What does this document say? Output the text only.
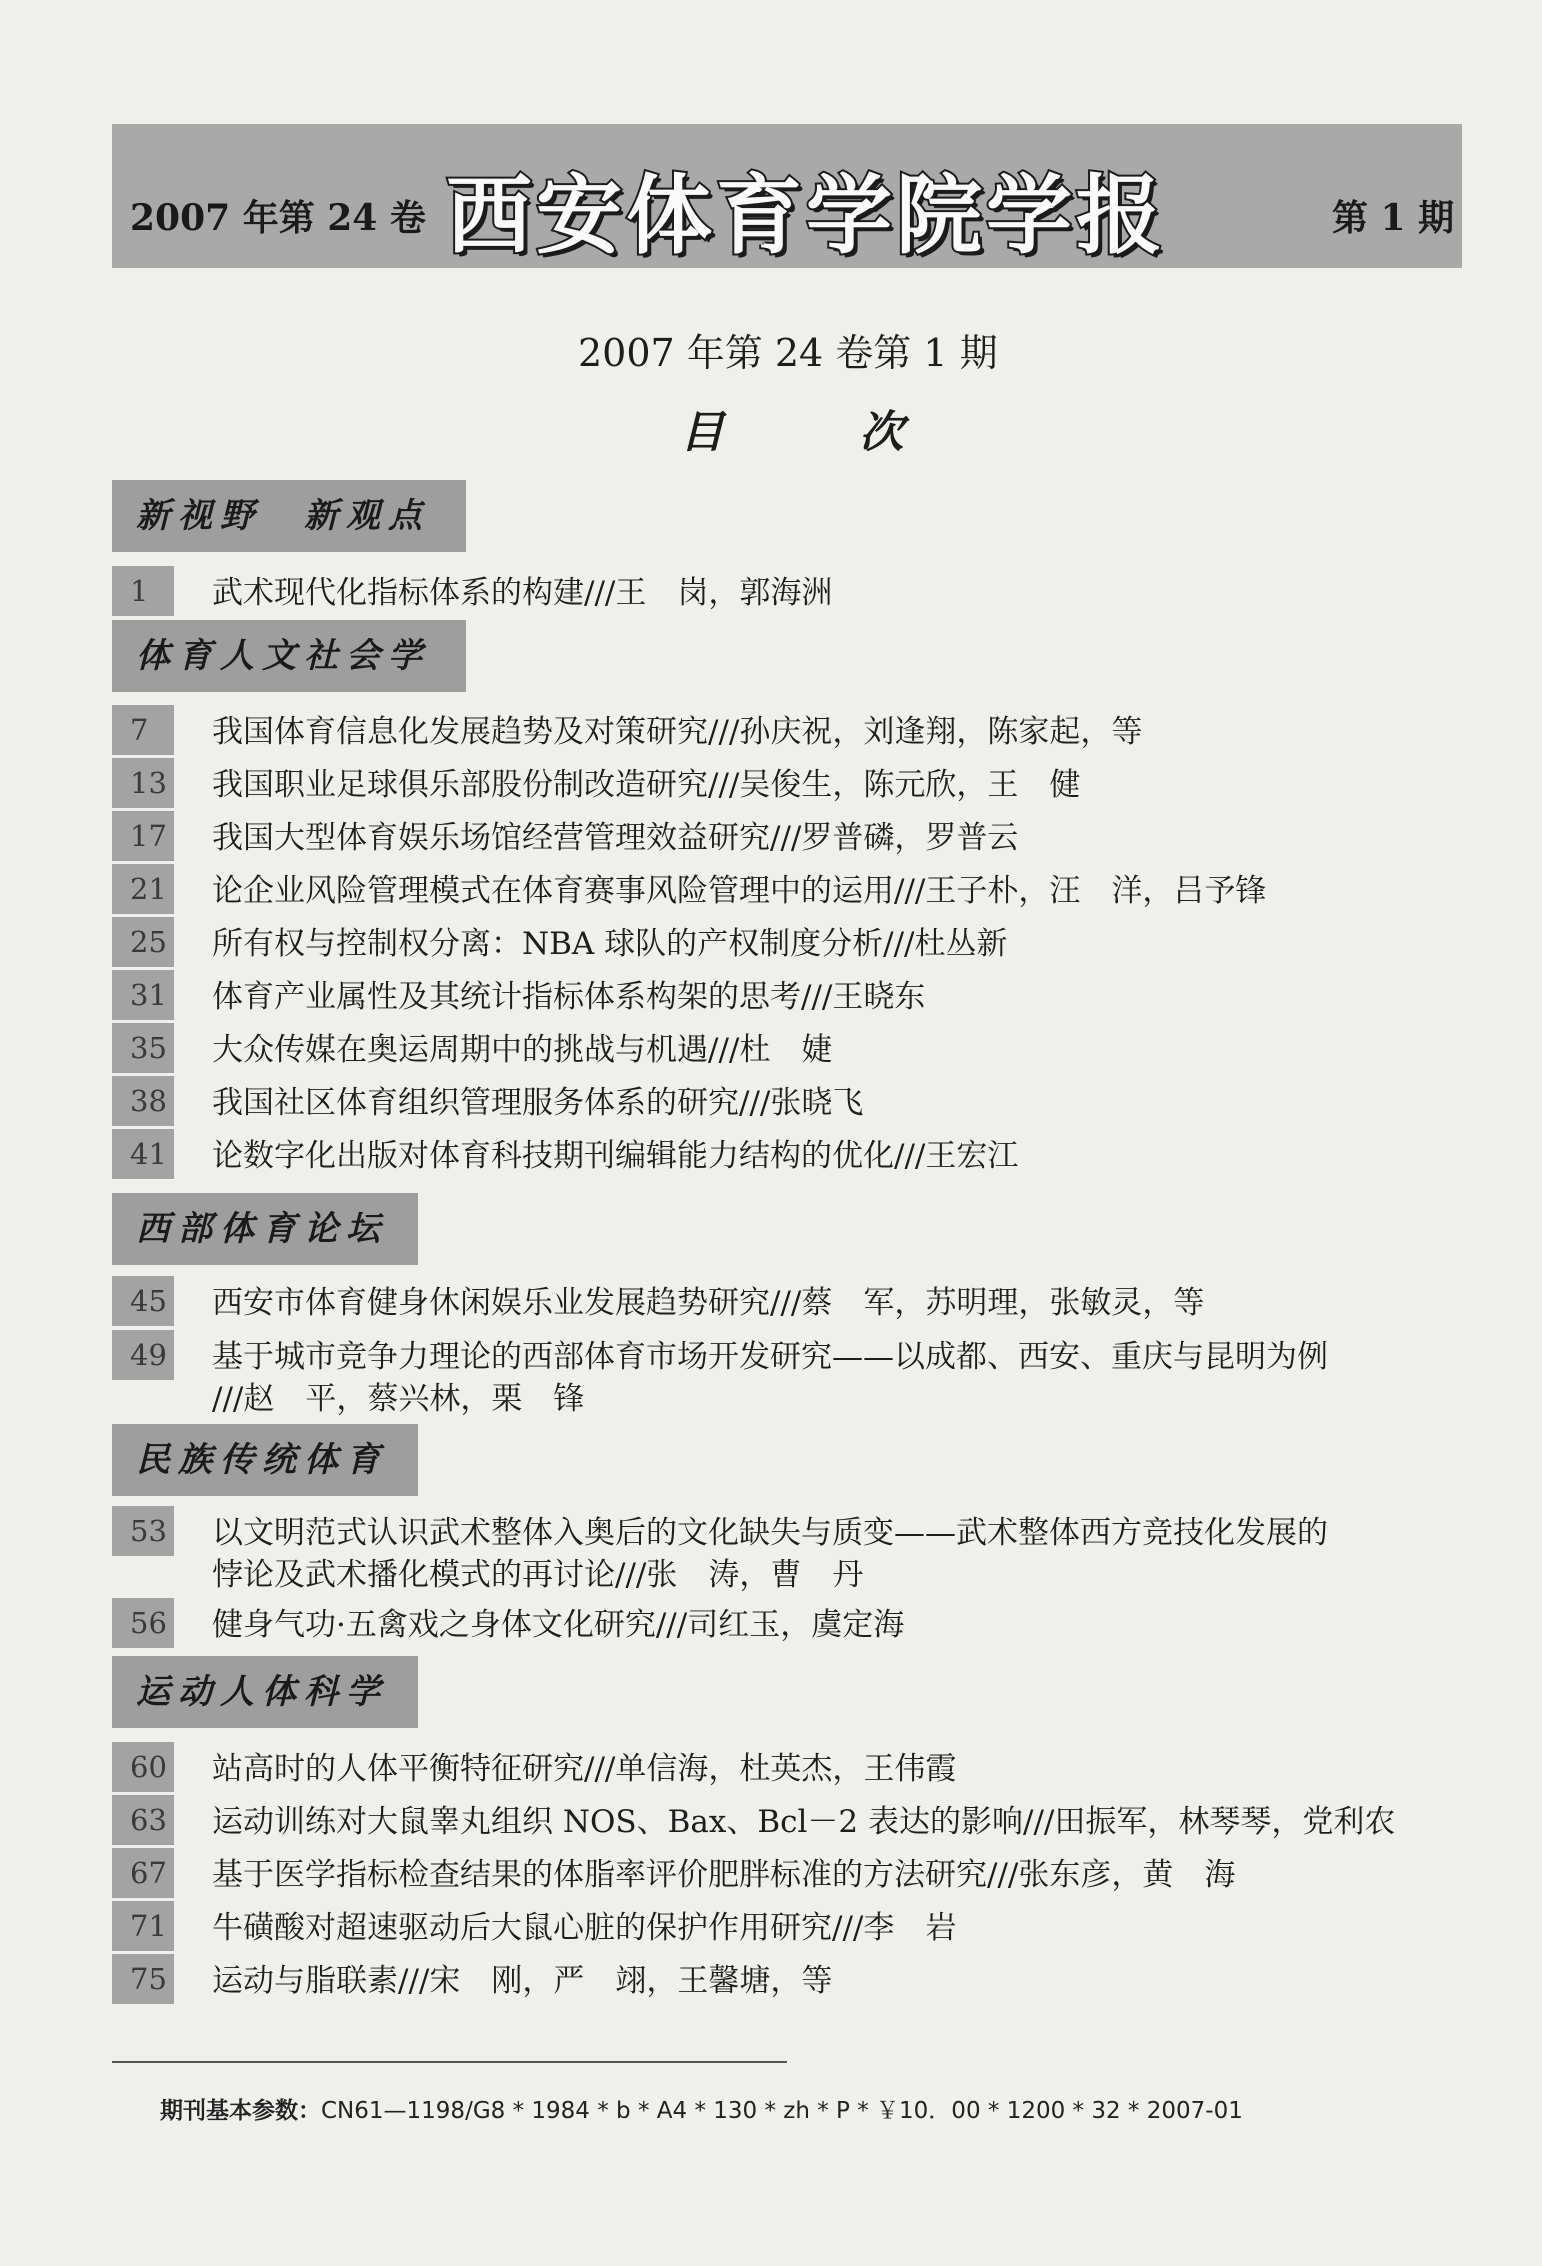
2007 年第 24 卷 西安体育学院学报	第 1 期

2007 年第 24 卷第 1 期
目 次
新视野　新观点
1	武术现代化指标体系的构建///王　岗，郭海洲
体育人文社会学
7	我国体育信息化发展趋势及对策研究///孙庆祝，刘逢翔，陈家起，等
13 我国职业足球俱乐部股份制改造研究///吴俊生，陈元欣，王　健
17 我国大型体育娱乐场馆经营管理效益研究///罗普磷，罗普云
21 论企业风险管理模式在体育赛事风险管理中的运用///王子朴，汪　洋，吕予锋
25 所有权与控制权分离：NBA 球队的产权制度分析///杜丛新
31 体育产业属性及其统计指标体系构架的思考///王晓东
35 大众传媒在奥运周期中的挑战与机遇///杜　婕
38 我国社区体育组织管理服务体系的研究///张晓飞
41 论数字化出版对体育科技期刊编辑能力结构的优化///王宏江
西部体育论坛
45 西安市体育健身休闲娱乐业发展趋势研究///蔡　军，苏明理，张敏灵，等
49 基于城市竞争力理论的西部体育市场开发研究——以成都、西安、重庆与昆明为例
///赵　平，蔡兴林，栗　锋
民族传统体育
53 以文明范式认识武术整体入奥后的文化缺失与质变——武术整体西方竞技化发展的
悖论及武术播化模式的再讨论///张　涛，曹　丹
56 健身气功·五禽戏之身体文化研究///司红玉，虞定海
运动人体科学
60 站高时的人体平衡特征研究///单信海，杜英杰，王伟霞
63 运动训练对大鼠睾丸组织 NOS、Bax、Bcl－2 表达的影响///田振军，林琴琴，党利农
67 基于医学指标检查结果的体脂率评价肥胖标准的方法研究///张东彦，黄　海
71 牛磺酸对超速驱动后大鼠心脏的保护作用研究///李　岩
75 运动与脂联素///宋　刚，严　翊，王馨塘，等
期刊基本参数：CN61—1198/G8 * 1984 * b * A4 * 130 * zh * P * ￥10．00 * 1200 * 32 * 2007-01
